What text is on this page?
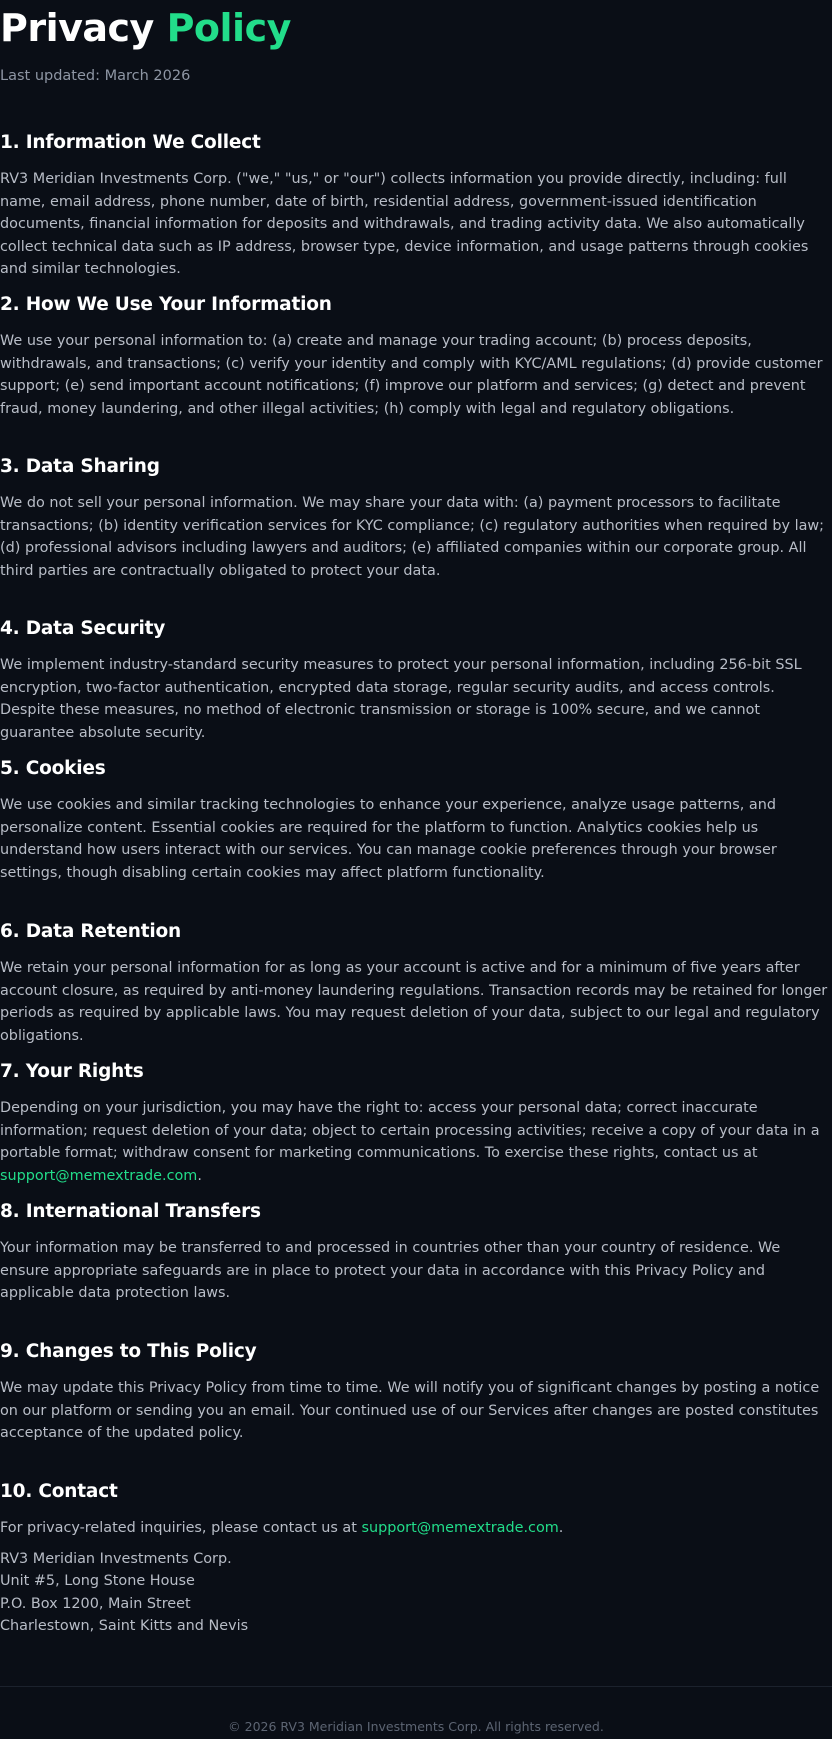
Privacy Policy
Last updated: March 2026
1. Information We Collect

RV3 Meridian Investments Corp. ("we," "us," or "our") collects information you provide directly, including: full name, email address, phone number, date of birth, residential address, government-issued identification documents, financial information for deposits and withdrawals, and trading activity data. We also automatically collect technical data such as IP address, browser type, device information, and usage patterns through cookies and similar technologies.

2. How We Use Your Information

We use your personal information to: (a) create and manage your trading account; (b) process deposits, withdrawals, and transactions; (c) verify your identity and comply with KYC/AML regulations; (d) provide customer support; (e) send important account notifications; (f) improve our platform and services; (g) detect and prevent fraud, money laundering, and other illegal activities; (h) comply with legal and regulatory obligations.

3. Data Sharing

We do not sell your personal information. We may share your data with: (a) payment processors to facilitate transactions; (b) identity verification services for KYC compliance; (c) regulatory authorities when required by law; (d) professional advisors including lawyers and auditors; (e) affiliated companies within our corporate group. All third parties are contractually obligated to protect your data.

4. Data Security

We implement industry-standard security measures to protect your personal information, including 256-bit SSL encryption, two-factor authentication, encrypted data storage, regular security audits, and access controls. Despite these measures, no method of electronic transmission or storage is 100% secure, and we cannot guarantee absolute security.

5. Cookies

We use cookies and similar tracking technologies to enhance your experience, analyze usage patterns, and personalize content. Essential cookies are required for the platform to function. Analytics cookies help us understand how users interact with our services. You can manage cookie preferences through your browser settings, though disabling certain cookies may affect platform functionality.

6. Data Retention

We retain your personal information for as long as your account is active and for a minimum of five years after account closure, as required by anti-money laundering regulations. Transaction records may be retained for longer periods as required by applicable laws. You may request deletion of your data, subject to our legal and regulatory obligations.

7. Your Rights

Depending on your jurisdiction, you may have the right to: access your personal data; correct inaccurate information; request deletion of your data; object to certain processing activities; receive a copy of your data in a portable format; withdraw consent for marketing communications. To exercise these rights, contact us at support@memextrade.com.

8. International Transfers

Your information may be transferred to and processed in countries other than your country of residence. We ensure appropriate safeguards are in place to protect your data in accordance with this Privacy Policy and applicable data protection laws.

9. Changes to This Policy

We may update this Privacy Policy from time to time. We will notify you of significant changes by posting a notice on our platform or sending you an email. Your continued use of our Services after changes are posted constitutes acceptance of the updated policy.

10. Contact

For privacy-related inquiries, please contact us at support@memextrade.com.

RV3 Meridian Investments Corp.
Unit #5, Long Stone House
P.O. Box 1200, Main Street
Charlestown, Saint Kitts and Nevis
© 2026 RV3 Meridian Investments Corp. All rights reserved.
